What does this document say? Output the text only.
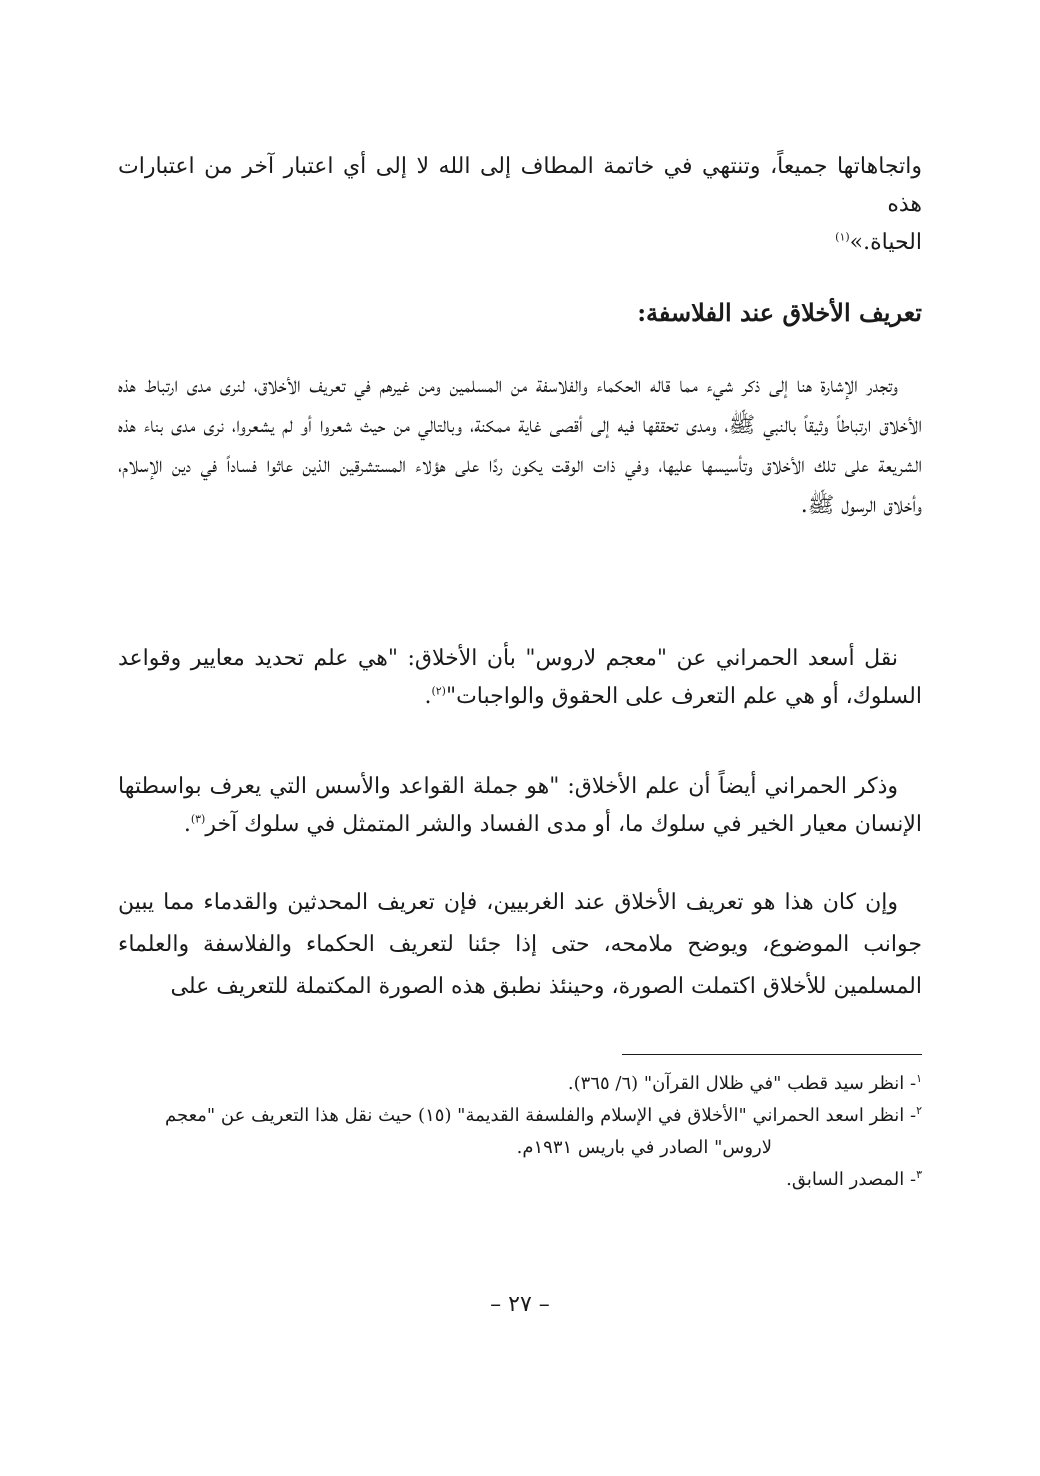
واتجاهاتها جميعاً، وتنتهي في خاتمة المطاف إلى الله لا إلى أي اعتبار آخر من اعتبارات هذه
الحياة.»$^{(١)}$

تعريف الأخلاق عند الفلاسفة:

وتجدر الإشارة هنا إلى ذكر شيء مما قاله الحكماء والفلاسفة من المسلمين ومن غيرهم في تعريف الأخلاق، لنرى مدى ارتباط هذه الأخلاق ارتباطاً وثيقاً بالنبي ﷺ، ومدى تحققها فيه إلى أقصى غاية ممكنة، وبالتالي من حيث شعروا أو لم يشعروا، نرى مدى بناء هذه الشريعة على تلك الأخلاق وتأسيسها عليها، وفي ذات الوقت يكون ردًا على هؤلاء المستشرقين الذين عاثوا فساداً في دين الإسلام، وأخلاق الرسول ﷺ.

نقل أسعد الحمراني عن "معجم لاروس" بأن الأخلاق: "هي علم تحديد معايير وقواعد السلوك، أو هي علم التعرف على الحقوق والواجبات"$^{(٢)}$.

وذكر الحمراني أيضاً أن علم الأخلاق: "هو جملة القواعد والأسس التي يعرف بواسطتها الإنسان معيار الخير في سلوك ما، أو مدى الفساد والشر المتمثل في سلوك آخر$^{(٣)}$.

وإن كان هذا هو تعريف الأخلاق عند الغربيين، فإن تعريف المحدثين والقدماء مما يبين جوانب الموضوع، ويوضح ملامحه، حتى إذا جئنا لتعريف الحكماء والفلاسفة والعلماء المسلمين للأخلاق اكتملت الصورة، وحينئذ نطبق هذه الصورة المكتملة للتعريف على

$^١$- انظر سيد قطب "في ظلال القرآن" (٦/ ٣٦٥).

$^٢$- انظر اسعد الحمراني "الأخلاق في الإسلام والفلسفة القديمة" (١٥) حيث نقل هذا التعريف عن "معجم
لاروس" الصادر في باريس ١٩٣١م.

$^٣$- المصدر السابق.

– ٢٧ –
